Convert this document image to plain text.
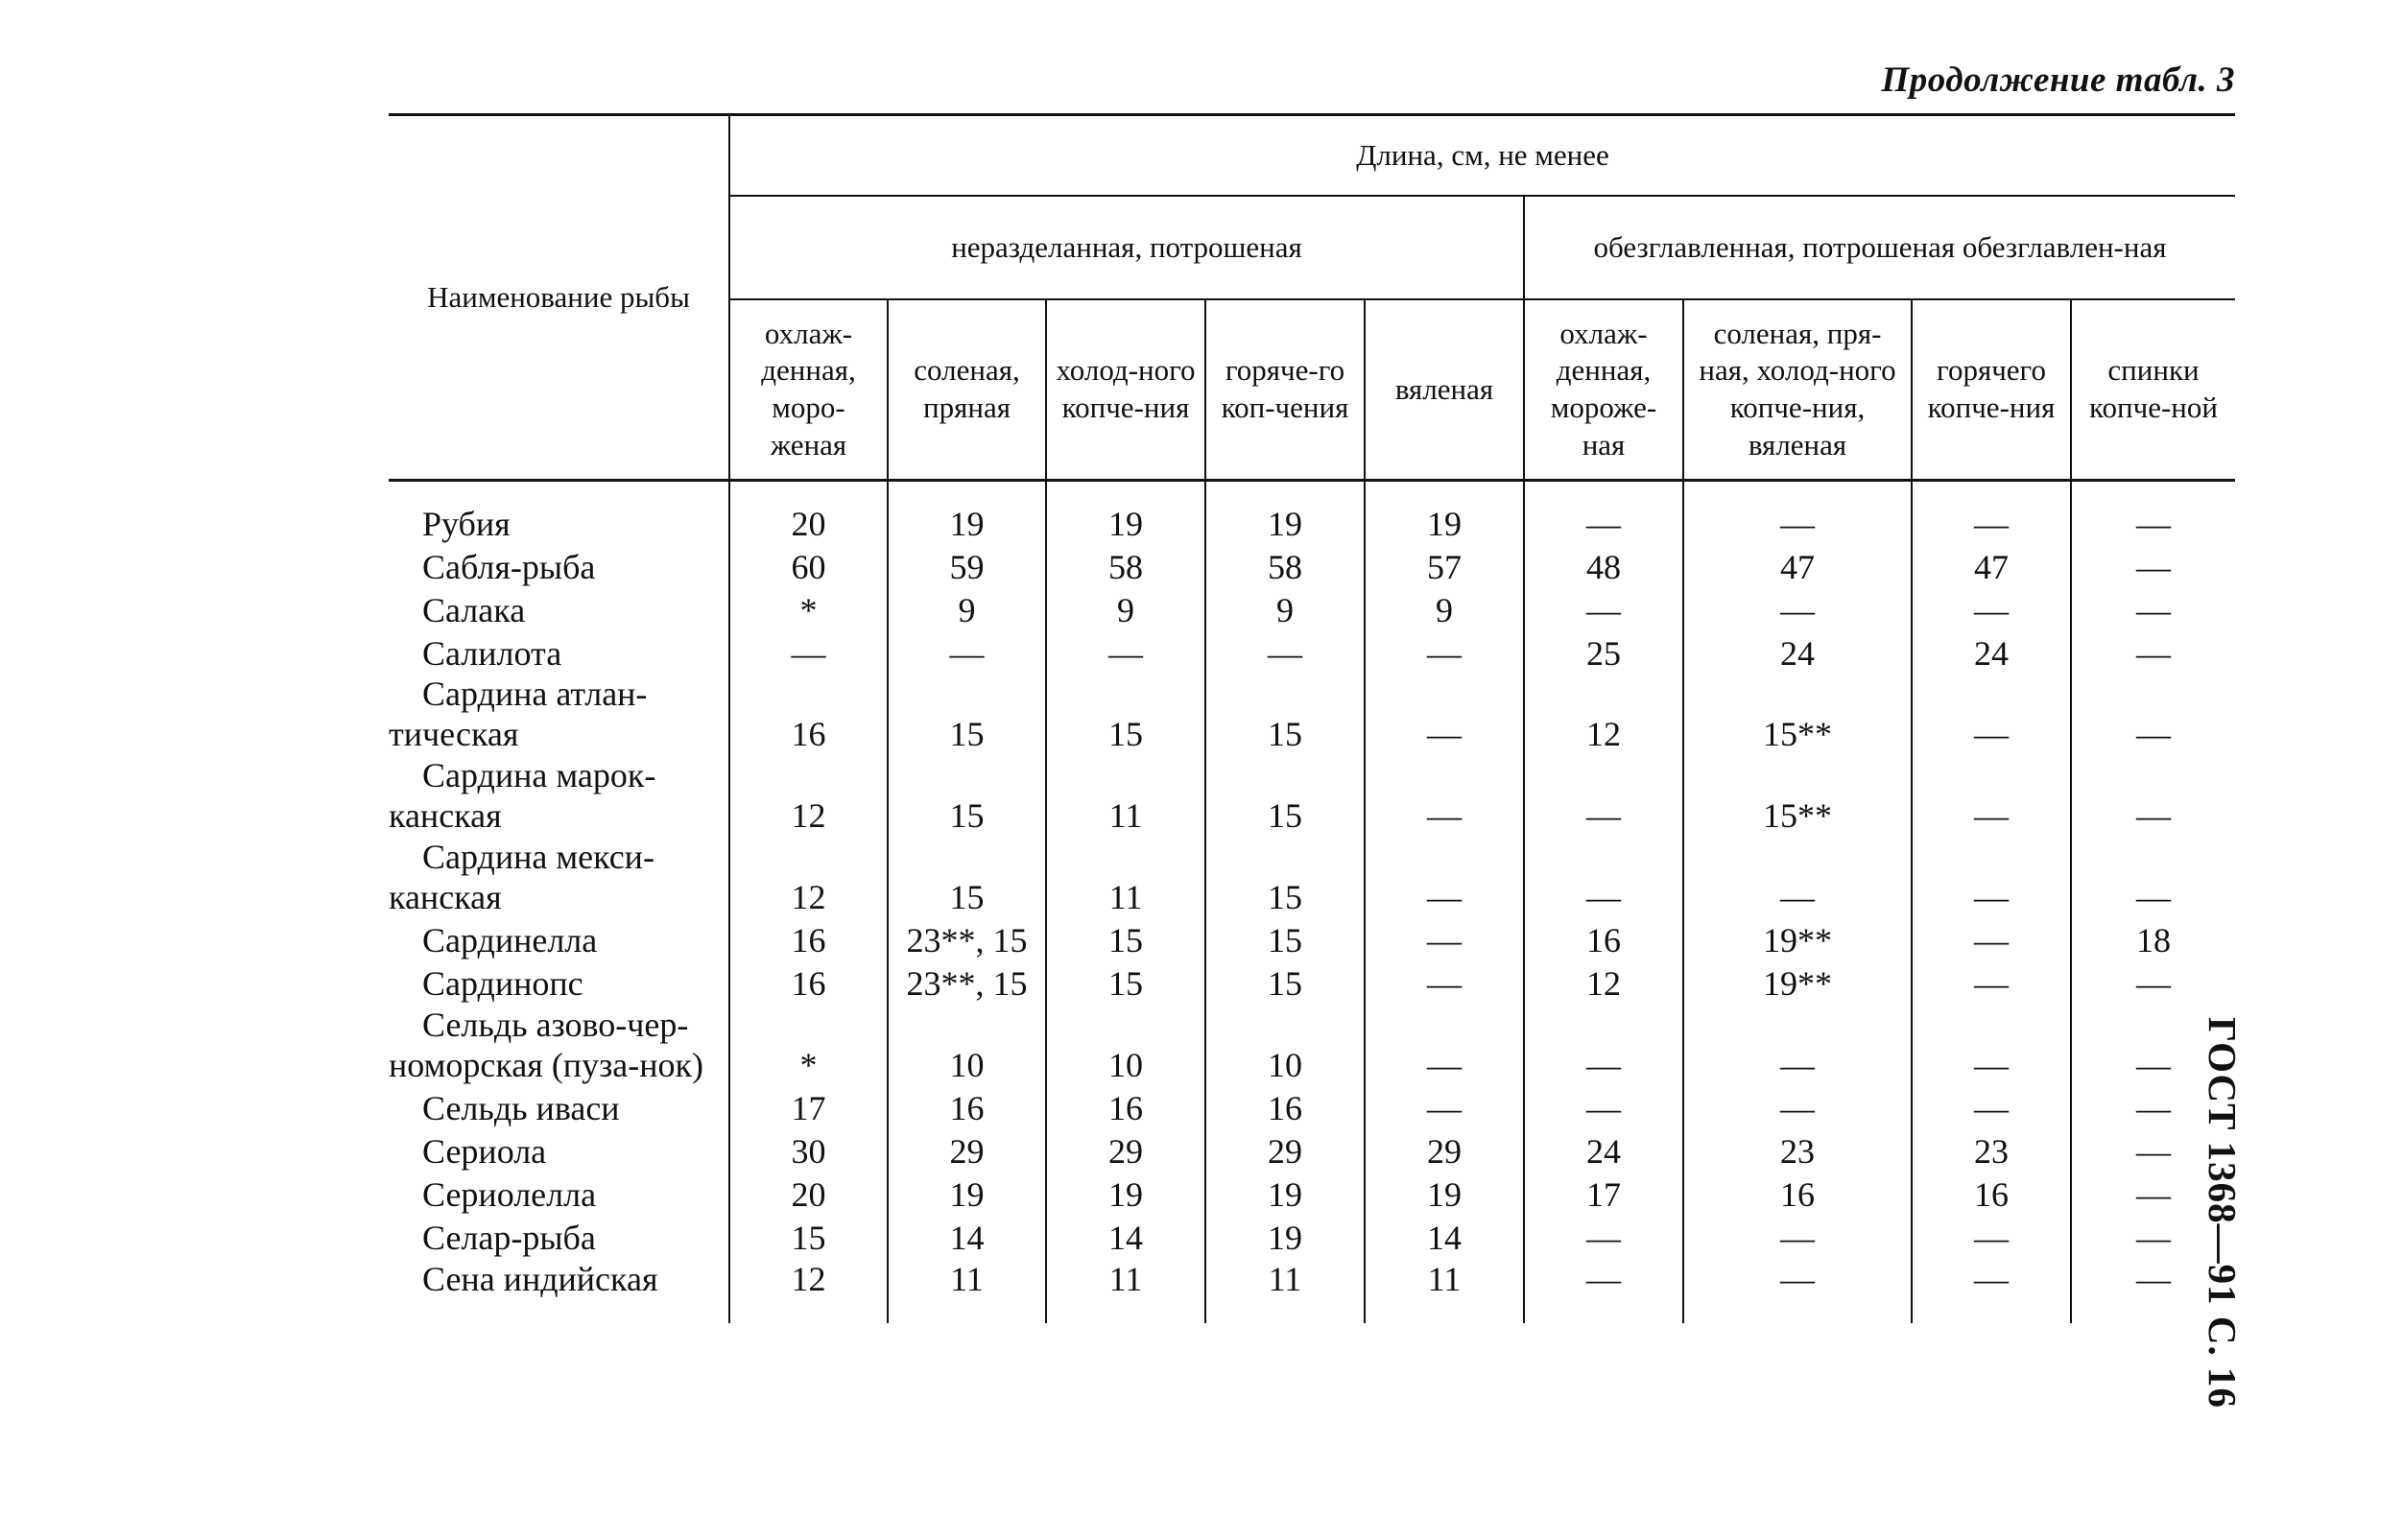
Продолжение табл. 3
Наименование рыбы	Длина, см, не менее								
	неразделанная, потрошеная					обезглавленная, потрошеная обезглавлен-ная			
	охлаж-денная, моро-женая	соленая, пряная	холод-ного копче-ния	горяче-го коп-чения	вяленая	охлаж-денная, мороже-ная	соленая, пря-ная, холод-ного копче-ния, вяленая	горячего копче-ния	спинки копче-ной
Рубия	20	19	19	19	19	—	—	—	—
Сабля-рыба	60	59	58	58	57	48	47	47	—
Салака	*	9	9	9	9	—	—	—	—
Салилота	—	—	—	—	—	25	24	24	—
Сардина атлан-тическая	16	15	15	15	—	12	15**	—	—
Сардина марок-канская	12	15	11	15	—	—	15**	—	—
Сардина мекси-канская	12	15	11	15	—	—	—	—	—
Сардинелла	16	23**, 15	15	15	—	16	19**	—	18
Сардинопс	16	23**, 15	15	15	—	12	19**	—	—
Сельдь азово-чер-номорская (пуза-нок)	*	10	10	10	—	—	—	—	—
Сельдь иваси	17	16	16	16	—	—	—	—	—
Сериола	30	29	29	29	29	24	23	23	—
Сериолелла	20	19	19	19	19	17	16	16	—
Селар-рыба	15	14	14	19	14	—	—	—	—
Сена индийская	12	11	11	11	11	—	—	—	— ГОСТ 1368—91 С. 16
